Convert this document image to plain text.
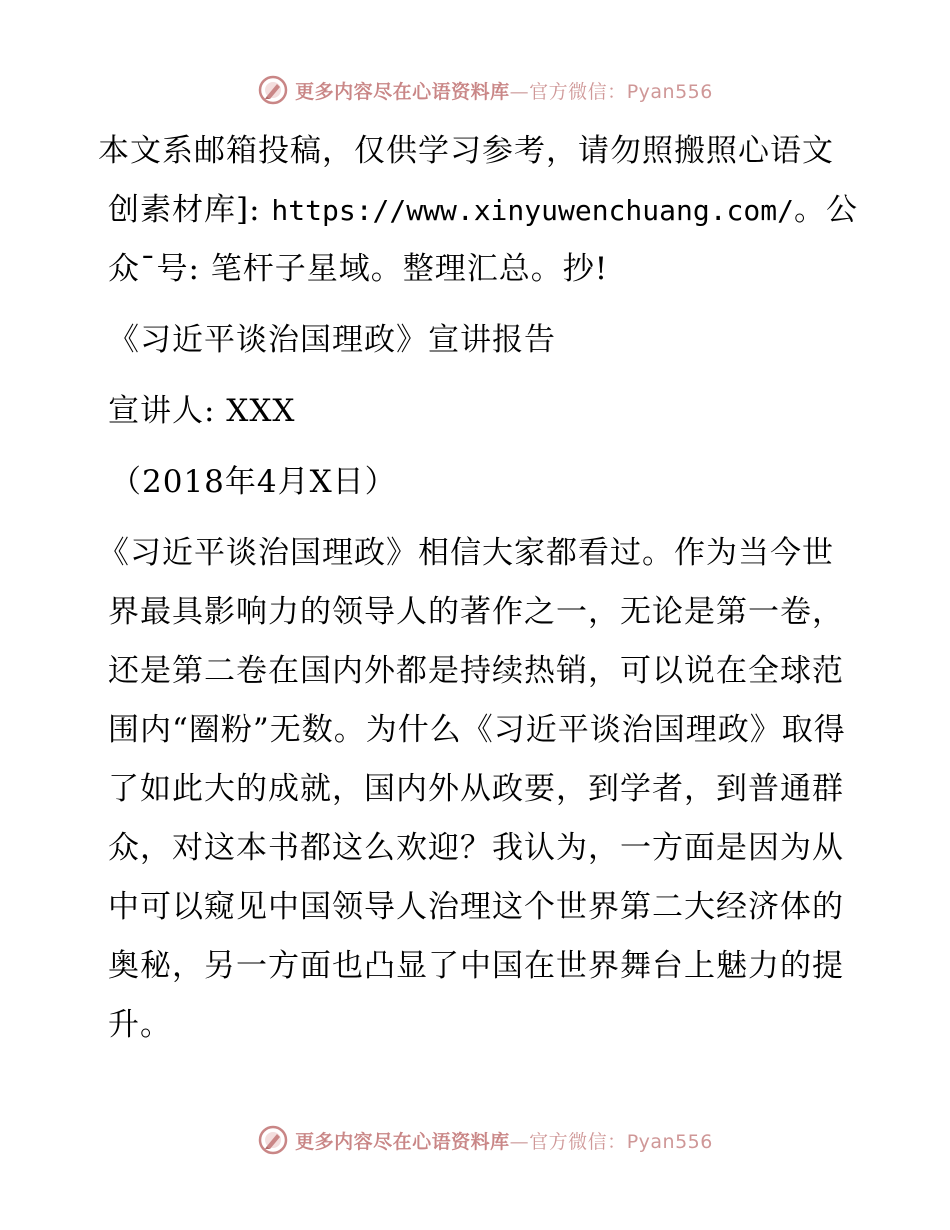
更多内容尽在心语资料库—官方微信：Pyan556

本文系邮箱投稿，仅供学习参考，请勿照搬照心语文创素材库]: https://www.xinyuwenchuang.com/。公众¯号: 笔杆子星域。整理汇总。抄!

《习近平谈治国理政》宣讲报告

宣讲人: XXX

（2018年4月X日）

《习近平谈治国理政》相信大家都看过。作为当今世界最具影响力的领导人的著作之一，无论是第一卷，还是第二卷在国内外都是持续热销，可以说在全球范围内“圈粉”无数。为什么《习近平谈治国理政》取得了如此大的成就，国内外从政要，到学者，到普通群众，对这本书都这么欢迎？我认为，一方面是因为从中可以窥见中国领导人治理这个世界第二大经济体的奥秘，另一方面也凸显了中国在世界舞台上魅力的提升。

更多内容尽在心语资料库—官方微信：Pyan556
